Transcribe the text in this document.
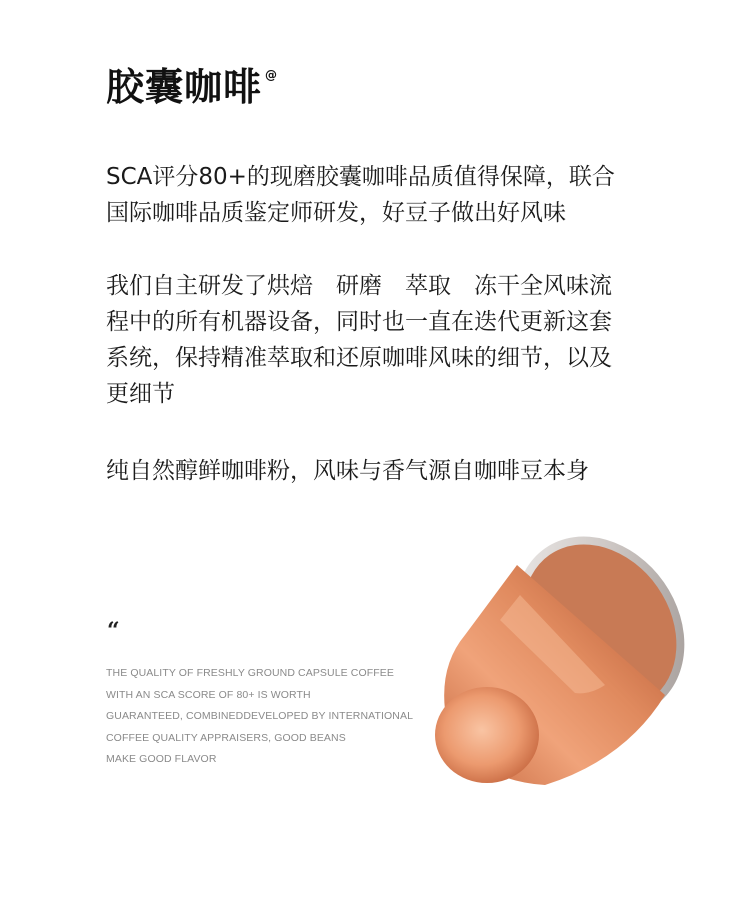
胶囊咖啡 @

SCA评分80+的现磨胶囊咖啡品质值得保障，联合
国际咖啡品质鉴定师研发，好豆子做出好风味

我们自主研发了烘焙　研磨　萃取　冻干全风味流
程中的所有机器设备，同时也一直在迭代更新这套
系统，保持精准萃取和还原咖啡风味的细节，以及
更细节

纯自然醇鲜咖啡粉，风味与香气源自咖啡豆本身

“
THE QUALITY OF FRESHLY GROUND CAPSULE COFFEE
WITH AN SCA SCORE OF 80+ IS WORTH
GUARANTEED, COMBINEDDEVELOPED BY INTERNATIONAL
COFFEE QUALITY APPRAISERS, GOOD BEANS
MAKE GOOD FLAVOR
